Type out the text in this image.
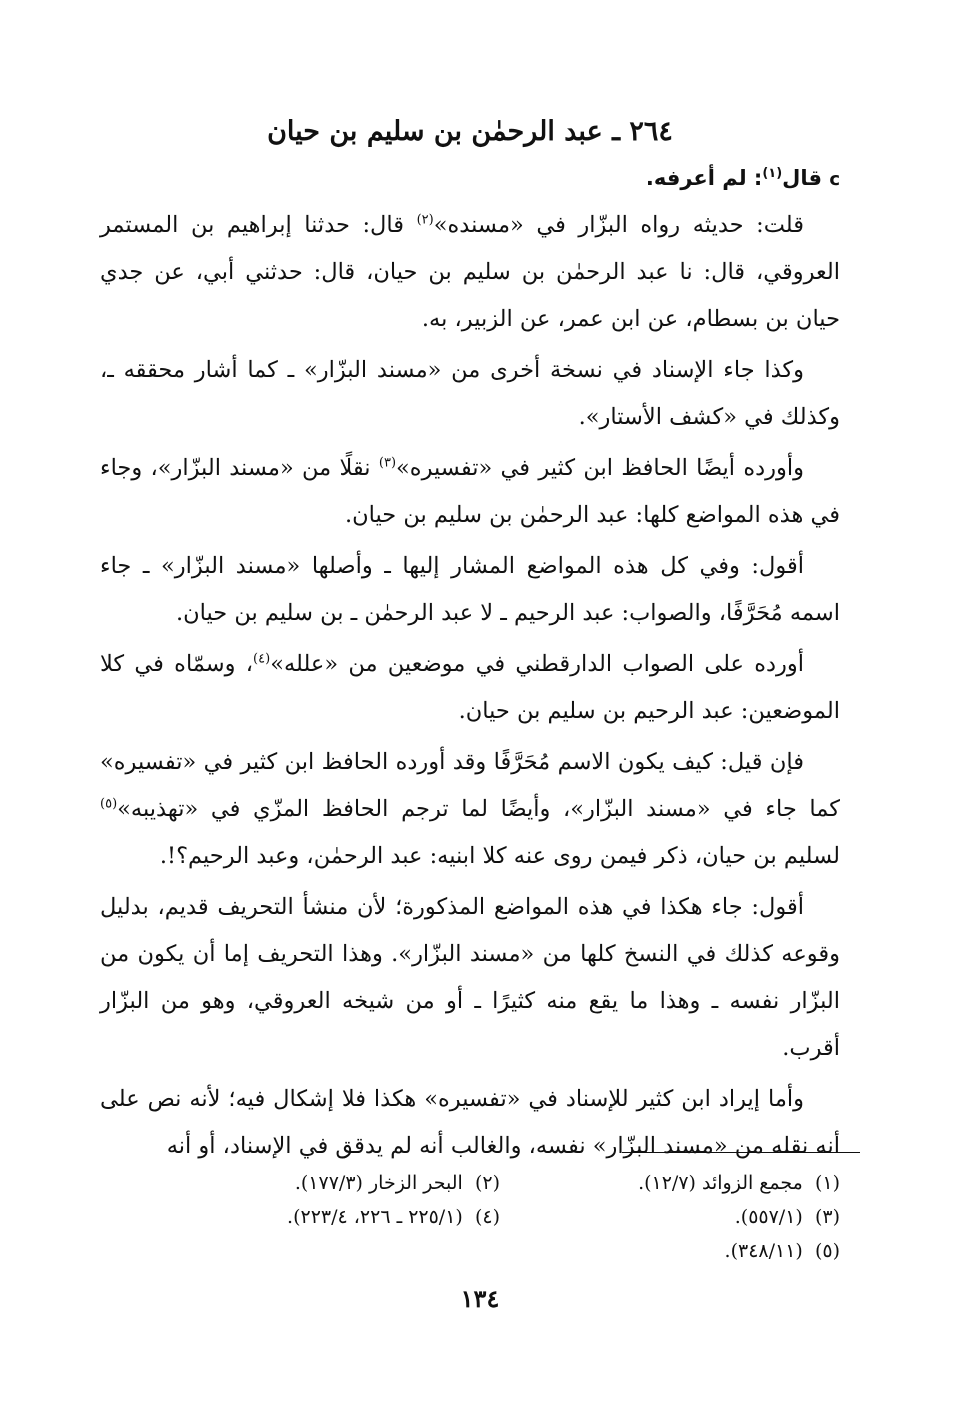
٢٦٤ ـ عبد الرحمٰن بن سليم بن حيان
c قال$^{(١)}$: لم أعرفه.
قلت: حديثه رواه البزّار في «مسنده»$^{(٢)}$ قال: حدثنا إبراهيم بن المستمر العروقي، قال: نا عبد الرحمٰن بن سليم بن حيان، قال: حدثني أبي، عن جدي حيان بن بسطام، عن ابن عمر، عن الزبير، به.
وكذا جاء الإسناد في نسخة أخرى من «مسند البزّار» ـ كما أشار محققه ـ، وكذلك في «كشف الأستار».
وأورده أيضًا الحافظ ابن كثير في «تفسيره»$^{(٣)}$ نقلًا من «مسند البزّار»، وجاء في هذه المواضع كلها: عبد الرحمٰن بن سليم بن حيان.
أقول: وفي كل هذه المواضع المشار إليها ـ وأصلها «مسند البزّار» ـ جاء اسمه مُحَرَّفًا، والصواب: عبد الرحيم ـ لا عبد الرحمٰن ـ بن سليم بن حيان.
أورده على الصواب الدارقطني في موضعين من «علله»$^{(٤)}$، وسمّاه في كلا الموضعين: عبد الرحيم بن سليم بن حيان.
فإن قيل: كيف يكون الاسم مُحَرَّفًا وقد أورده الحافظ ابن كثير في «تفسيره» كما جاء في «مسند البزّار»، وأيضًا لما ترجم الحافظ المزّي في «تهذيبه»$^{(٥)}$ لسليم بن حيان، ذكر فيمن روى عنه كلا ابنيه: عبد الرحمٰن، وعبد الرحيم؟!.
أقول: جاء هكذا في هذه المواضع المذكورة؛ لأن منشأ التحريف قديم، بدليل وقوعه كذلك في النسخ كلها من «مسند البزّار». وهذا التحريف إما أن يكون من البزّار نفسه ـ وهذا ما يقع منه كثيرًا ـ أو من شيخه العروقي، وهو من البزّار أقرب.
وأما إيراد ابن كثير للإسناد في «تفسيره» هكذا فلا إشكال فيه؛ لأنه نص على أنه نقله من «مسند البزّار» نفسه، والغالب أنه لم يدقق في الإسناد، أو أنه
(١)  مجمع الزوائد (١٢/٧).
(٢)  البحر الزخار (١٧٧/٣).
(٣)  (٥٥٧/١).
(٤)  (٢٢٥/١ ـ ٢٢٦، ٢٢٣/٤).
(٥)  (٣٤٨/١١).
١٣٤
